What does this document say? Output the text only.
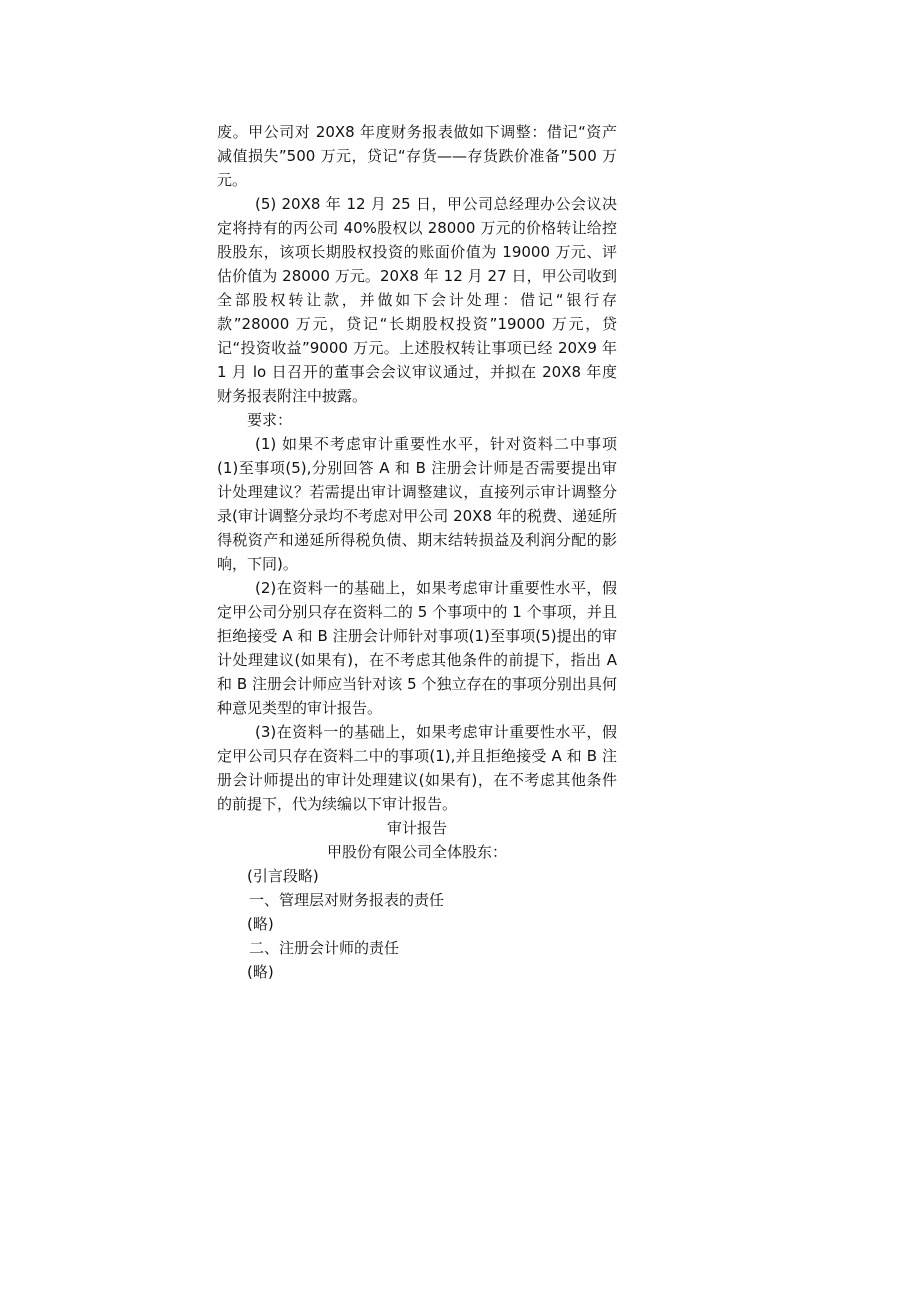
废。甲公司对 20X8 年度财务报表做如下调整：借记“资产减值损失”500 万元，贷记“存货——存货跌价准备”500 万元。

(5) 20X8 年 12 月 25 日，甲公司总经理办公会议决定将持有的丙公司 40%股权以 28000 万元的价格转让给控股股东，该项长期股权投资的账面价值为 19000 万元、评估价值为 28000 万元。20X8 年 12 月 27 日，甲公司收到全部股权转让款，并做如下会计处理：借记“银行存款”28000 万元，贷记“长期股权投资”19000 万元，贷记“投资收益”9000 万元。上述股权转让事项已经 20X9 年 1 月 lo 日召开的董事会会议审议通过，并拟在 20X8 年度财务报表附注中披露。

要求：

(1) 如果不考虑审计重要性水平，针对资料二中事项(1)至事项(5),分别回答 A 和 B 注册会计师是否需要提出审计处理建议？若需提出审计调整建议，直接列示审计调整分录(审计调整分录均不考虑对甲公司 20X8 年的税费、递延所得税资产和递延所得税负债、期末结转损益及利润分配的影响，下同)。

(2)在资料一的基础上，如果考虑审计重要性水平，假定甲公司分别只存在资料二的 5 个事项中的 1 个事项，并且拒绝接受 A 和 B 注册会计师针对事项(1)至事项(5)提出的审计处理建议(如果有)，在不考虑其他条件的前提下，指出 A 和 B 注册会计师应当针对该 5 个独立存在的事项分别出具何种意见类型的审计报告。

(3)在资料一的基础上，如果考虑审计重要性水平，假定甲公司只存在资料二中的事项(1),并且拒绝接受 A 和 B 注册会计师提出的审计处理建议(如果有)，在不考虑其他条件的前提下，代为续编以下审计报告。

审计报告

甲股份有限公司全体股东：

(引言段略)

一、管理层对财务报表的责任

(略)

二、注册会计师的责任

(略)
